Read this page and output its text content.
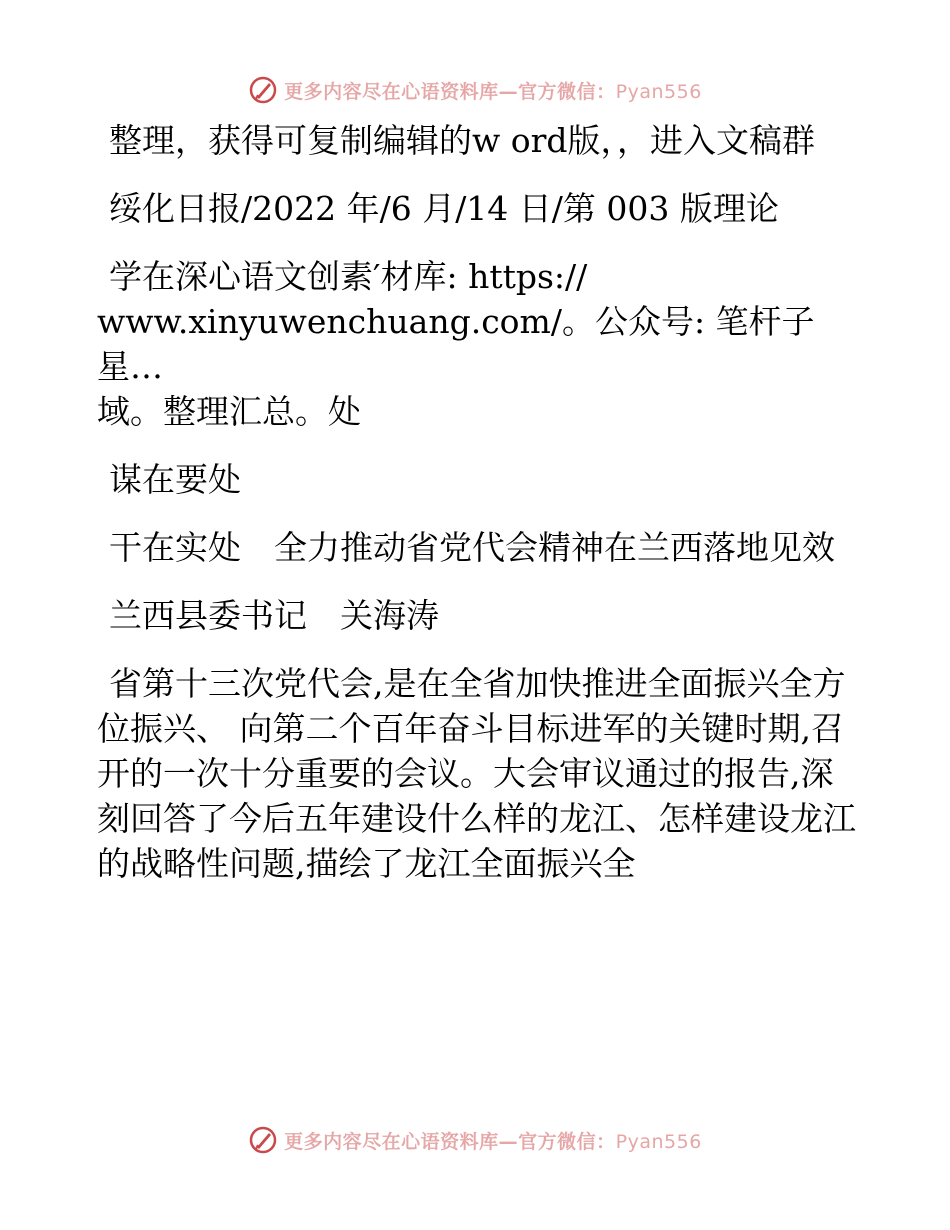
更多内容尽在心语资料库—官方微信：Pyan556

整理，获得可复制编辑的w ord版，，进入文稿群

绥化日报/2022 年/6 月/14 日/第 003 版理论

学在深心语文创素′材库: https://

www.xinyuwenchuang.com/。公众号: 笔杆子星…

域。整理汇总。处

谋在要处

干在实处　全力推动省党代会精神在兰西落地见效

兰西县委书记　关海涛

省第十三次党代会,是在全省加快推进全面振兴全方位振兴、 向第二个百年奋斗目标进军的关键时期,召开的一次十分重要的会议。大会审议通过的报告,深刻回答了今后五年建设什么样的龙江、怎样建设龙江的战略性问题,描绘了龙江全面振兴全

更多内容尽在心语资料库—官方微信：Pyan556
